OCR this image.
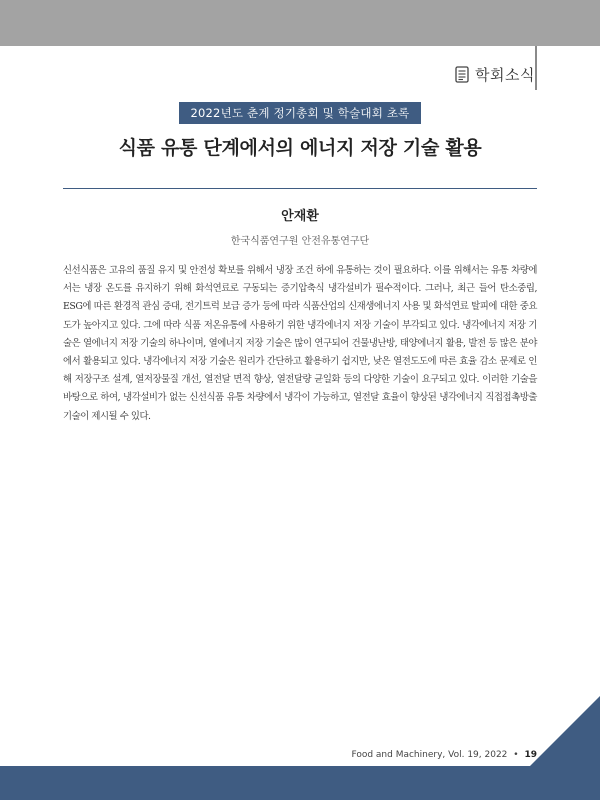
학회소식
2022년도 춘계 정기총회 및 학술대회 초록
식품 유통 단계에서의 에너지 저장 기술 활용
안재환
한국식품연구원 안전유통연구단

신선식품은 고유의 품질 유지 및 안전성 확보를 위해서 냉장 조건 하에 유통하는 것이 필요하다. 이를 위해서는 유통 차량에서는 냉장 온도를 유지하기 위해 화석연료로 구동되는 증기압축식 냉각설비가 필수적이다. 그러나, 최근 들어 탄소중립, ESG에 따른 환경적 관심 증대, 전기트럭 보급 증가 등에 따라 식품산업의 신재생에너지 사용 및 화석연료 탈피에 대한 중요도가 높아지고 있다. 그에 따라 식품 저온유통에 사용하기 위한 냉각에너지 저장 기술이 부각되고 있다. 냉각에너지 저장 기술은 열에너지 저장 기술의 하나이며, 열에너지 저장 기술은 많이 연구되어 건물냉난방, 태양에너지 활용, 발전 등 많은 분야에서 활용되고 있다. 냉각에너지 저장 기술은 원리가 간단하고 활용하기 쉽지만, 낮은 열전도도에 따른 효율 감소 문제로 인해 저장구조 설계, 열저장물질 개선, 열전달 면적 향상, 열전달량 균일화 등의 다양한 기술이 요구되고 있다. 이러한 기술을 바탕으로 하여, 냉각설비가 없는 신선식품 유통 차량에서 냉각이 가능하고, 열전달 효율이 향상된 냉각에너지 직접접촉방출 기술이 제시될 수 있다.

Food and Machinery, Vol. 19, 2022 • 19
